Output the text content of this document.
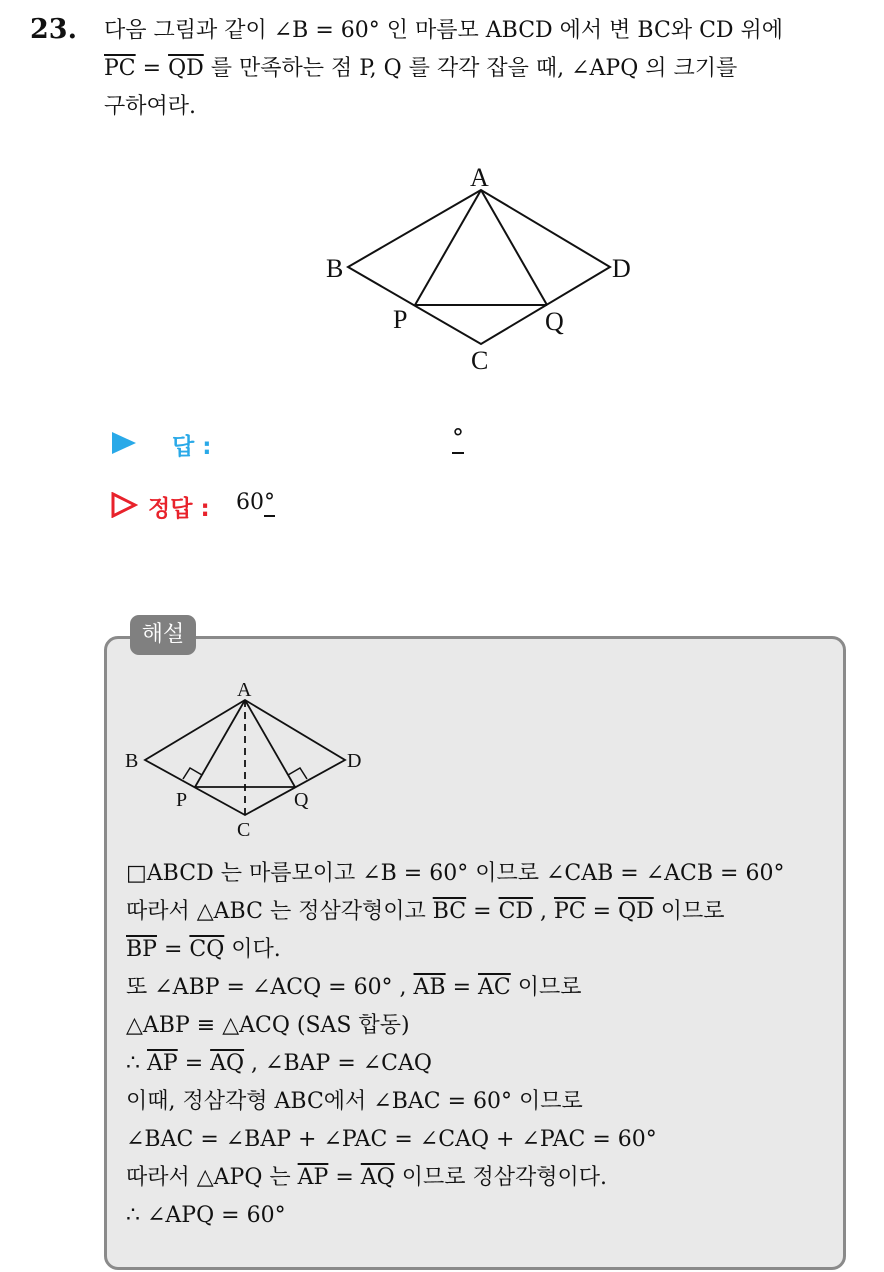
23. 다음 그림과 같이 ∠B = 60° 인 마름모 ABCD 에서 변 BC와 CD 위에
$\overline{PC} = \overline{QD}$ 를 만족하는 점 P, Q 를 각각 잡을 때, ∠APQ 의 크기를
구하여라.
A
B
C
D
P	Q
답 :	°
정답 : 60°
해설
A
B
C
D
P	Q
□ABCD 는 마름모이고 ∠B = 60° 이므로 ∠CAB = ∠ACB = 60°
따라서 △ABC 는 정삼각형이고 $\overline{BC} = \overline{CD}$ , $\overline{PC} = \overline{QD}$ 이므로
$\overline{BP} = \overline{CQ}$ 이다.
또 ∠ABP = ∠ACQ = 60° , $\overline{AB} = \overline{AC}$ 이므로
△ABP ≡ △ACQ (SAS 합동)
∴ $\overline{AP} = \overline{AQ}$ , ∠BAP = ∠CAQ
이때, 정삼각형 ABC에서 ∠BAC = 60° 이므로
∠BAC = ∠BAP + ∠PAC = ∠CAQ + ∠PAC = 60°
따라서 △APQ 는 $\overline{AP} = \overline{AQ}$ 이므로 정삼각형이다.
∴ ∠APQ = 60°
